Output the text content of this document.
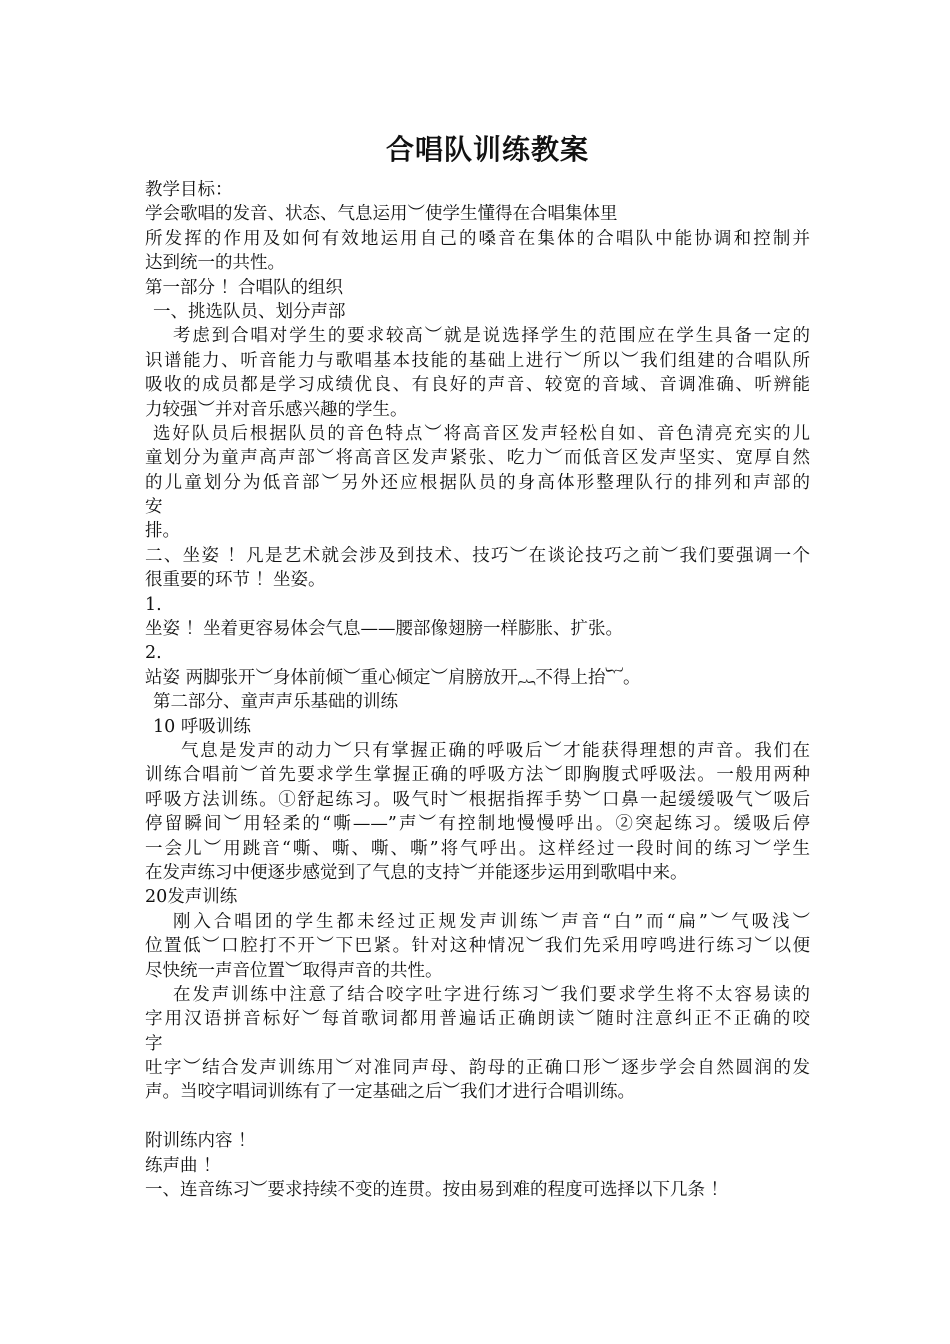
合唱队训练教案
教学目标：
学会歌唱的发音、状态、气息运用︶使学生懂得在合唱集体里
所发挥的作用及如何有效地运用自己的嗓音在集体的合唱队中能协调和控制并
达到统一的共性。
第一部分 ！合唱队的组织
一、挑选队员、划分声部
考虑到合唱对学生的要求较高︶就是说选择学生的范围应在学生具备一定的
识谱能力、听音能力与歌唱基本技能的基础上进行︶所以︶我们组建的合唱队所
吸收的成员都是学习成绩优良、有良好的声音、较宽的音域、音调准确、听辨能
力较强︶并对音乐感兴趣的学生。
选好队员后根据队员的音色特点︶将高音区发声轻松自如、音色清亮充实的儿
童划分为童声高声部︶将高音区发声紧张、吃力︶而低音区发声坚实、宽厚自然
的儿童划分为低音部︶另外还应根据队员的身高体形整理队行的排列和声部的
安
排。
二、坐姿 ！凡是艺术就会涉及到技术、技巧︶在谈论技巧之前︶我们要强调一个
很重要的环节 ！坐姿。
1.
坐姿 ！坐着更容易体会气息——腰部像翅膀一样膨胀、扩张。
2.
站姿 两脚张开︶身体前倾︶重心倾定︶肩膀放开︷不得上抬︸。
第二部分、童声声乐基础的训练
10 呼吸训练
气息是发声的动力︶只有掌握正确的呼吸后︶才能获得理想的声音。我们在
训练合唱前︶首先要求学生掌握正确的呼吸方法︶即胸腹式呼吸法。一般用两种
呼吸方法训练。①舒起练习。吸气时︶根据指挥手势︶口鼻一起缓缓吸气︶吸后
停留瞬间︶用轻柔的“嘶——”声︶有控制地慢慢呼出。②突起练习。缓吸后停
一会儿︶用跳音“嘶、嘶、嘶、嘶”将气呼出。这样经过一段时间的练习︶学生
在发声练习中便逐步感觉到了气息的支持︶并能逐步运用到歌唱中来。
20发声训练
刚入合唱团的学生都未经过正规发声训练︶声音“白”而“扁”︶气吸浅︶
位置低︶口腔打不开︶下巴紧。针对这种情况︶我们先采用哼鸣进行练习︶以便
尽快统一声音位置︶取得声音的共性。
在发声训练中注意了结合咬字吐字进行练习︶我们要求学生将不太容易读的
字用汉语拼音标好︶每首歌词都用普遍话正确朗读︶随时注意纠正不正确的咬
字
吐字︶结合发声训练用︶对准同声母、韵母的正确口形︶逐步学会自然圆润的发
声。当咬字唱词训练有了一定基础之后︶我们才进行合唱训练。
附训练内容 ！
练声曲 ！
一、连音练习︶要求持续不变的连贯。按由易到难的程度可选择以下几条 ！
